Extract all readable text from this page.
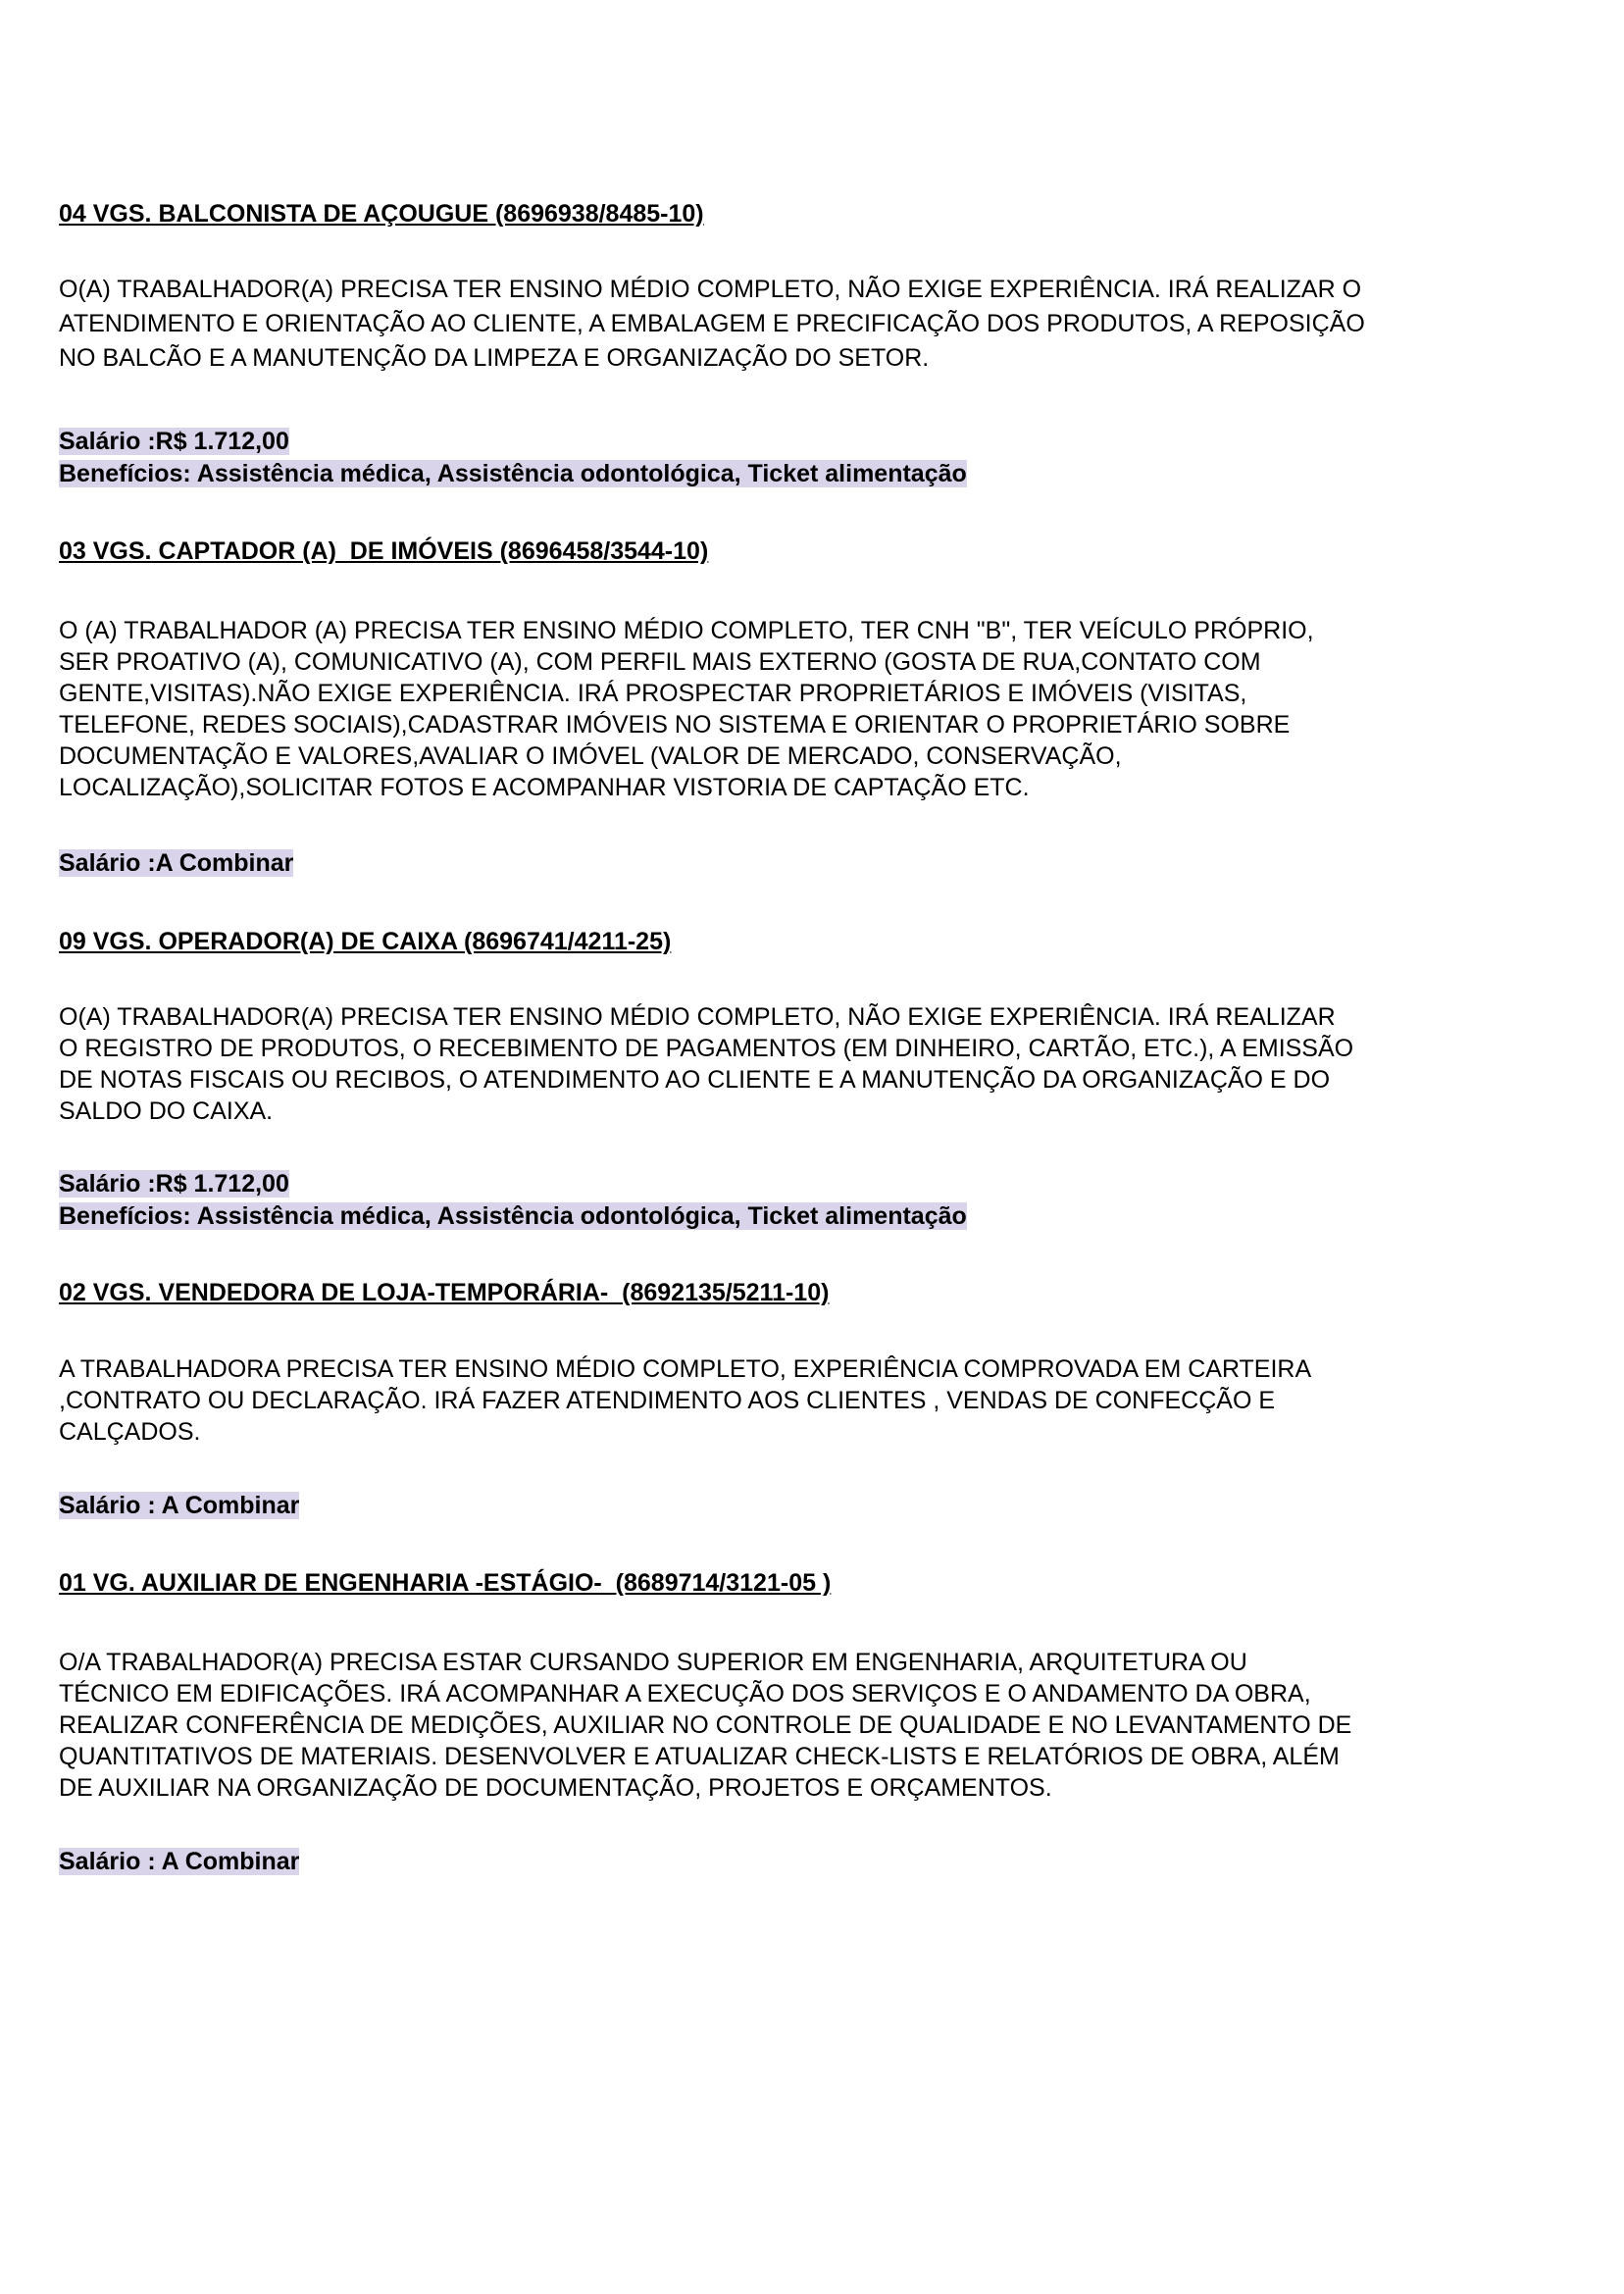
04 VGS. BALCONISTA DE AÇOUGUE (8696938/8485-10)
O(A) TRABALHADOR(A) PRECISA TER ENSINO MÉDIO COMPLETO, NÃO EXIGE EXPERIÊNCIA. IRÁ REALIZAR O
ATENDIMENTO E ORIENTAÇÃO AO CLIENTE, A EMBALAGEM E PRECIFICAÇÃO DOS PRODUTOS, A REPOSIÇÃO
NO BALCÃO E A MANUTENÇÃO DA LIMPEZA E ORGANIZAÇÃO DO SETOR.
Salário :R$ 1.712,00
Benefícios: Assistência médica, Assistência odontológica, Ticket alimentação
03 VGS. CAPTADOR (A)  DE IMÓVEIS (8696458/3544-10)
O (A) TRABALHADOR (A) PRECISA TER ENSINO MÉDIO COMPLETO, TER CNH "B", TER VEÍCULO PRÓPRIO,
SER PROATIVO (A), COMUNICATIVO (A), COM PERFIL MAIS EXTERNO (GOSTA DE RUA,CONTATO COM
GENTE,VISITAS).NÃO EXIGE EXPERIÊNCIA. IRÁ PROSPECTAR PROPRIETÁRIOS E IMÓVEIS (VISITAS,
TELEFONE, REDES SOCIAIS),CADASTRAR IMÓVEIS NO SISTEMA E ORIENTAR O PROPRIETÁRIO SOBRE
DOCUMENTAÇÃO E VALORES,AVALIAR O IMÓVEL (VALOR DE MERCADO, CONSERVAÇÃO,
LOCALIZAÇÃO),SOLICITAR FOTOS E ACOMPANHAR VISTORIA DE CAPTAÇÃO ETC.
Salário :A Combinar
09 VGS. OPERADOR(A) DE CAIXA (8696741/4211-25)
O(A) TRABALHADOR(A) PRECISA TER ENSINO MÉDIO COMPLETO, NÃO EXIGE EXPERIÊNCIA. IRÁ REALIZAR
O REGISTRO DE PRODUTOS, O RECEBIMENTO DE PAGAMENTOS (EM DINHEIRO, CARTÃO, ETC.), A EMISSÃO
DE NOTAS FISCAIS OU RECIBOS, O ATENDIMENTO AO CLIENTE E A MANUTENÇÃO DA ORGANIZAÇÃO E DO
SALDO DO CAIXA.
Salário :R$ 1.712,00
Benefícios: Assistência médica, Assistência odontológica, Ticket alimentação
02 VGS. VENDEDORA DE LOJA-TEMPORÁRIA-  (8692135/5211-10)
A TRABALHADORA PRECISA TER ENSINO MÉDIO COMPLETO, EXPERIÊNCIA COMPROVADA EM CARTEIRA
,CONTRATO OU DECLARAÇÃO. IRÁ FAZER ATENDIMENTO AOS CLIENTES , VENDAS DE CONFECÇÃO E
CALÇADOS.
Salário : A Combinar
01 VG. AUXILIAR DE ENGENHARIA -ESTÁGIO-  (8689714/3121-05 )
O/A TRABALHADOR(A) PRECISA ESTAR CURSANDO SUPERIOR EM ENGENHARIA, ARQUITETURA OU
TÉCNICO EM EDIFICAÇÕES. IRÁ ACOMPANHAR A EXECUÇÃO DOS SERVIÇOS E O ANDAMENTO DA OBRA,
REALIZAR CONFERÊNCIA DE MEDIÇÕES, AUXILIAR NO CONTROLE DE QUALIDADE E NO LEVANTAMENTO DE
QUANTITATIVOS DE MATERIAIS. DESENVOLVER E ATUALIZAR CHECK-LISTS E RELATÓRIOS DE OBRA, ALÉM
DE AUXILIAR NA ORGANIZAÇÃO DE DOCUMENTAÇÃO, PROJETOS E ORÇAMENTOS.
Salário : A Combinar
